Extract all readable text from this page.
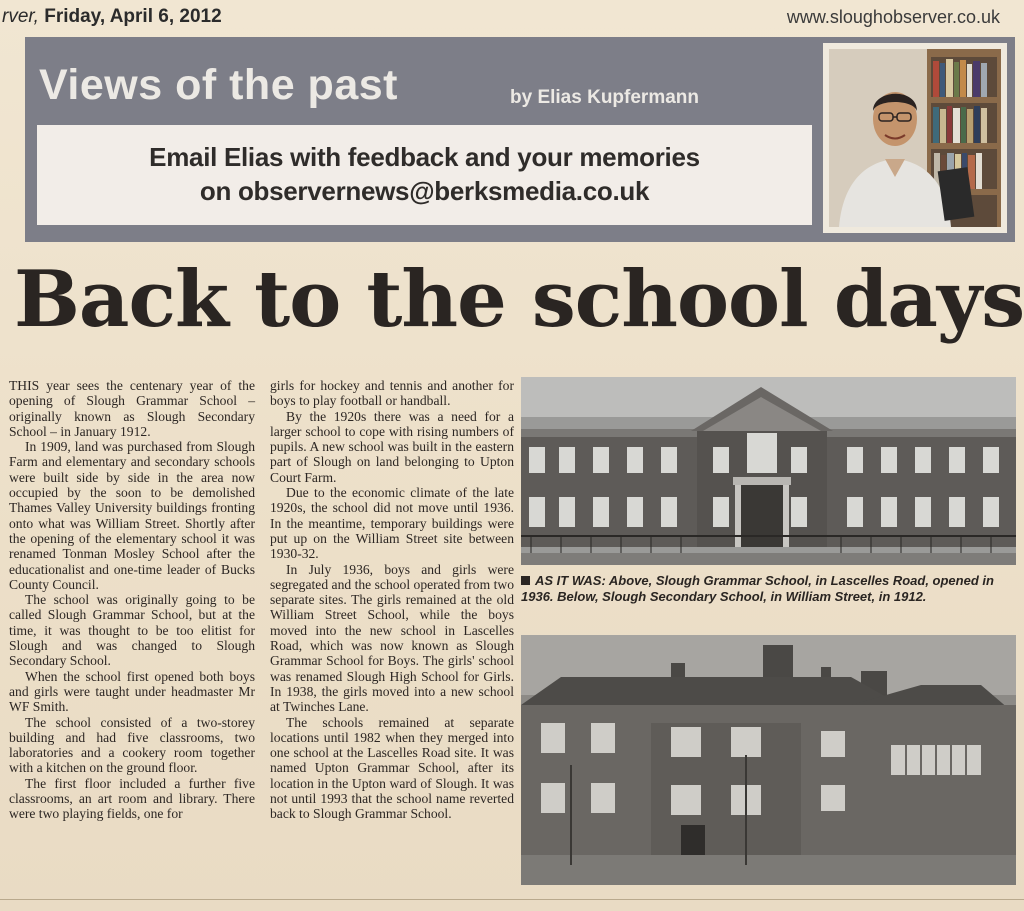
rver, Friday, April 6, 2012	www.sloughobserver.co.uk
Views of the past	by Elias Kupfermann
Email Elias with feedback and your memories
on observernews@berksmedia.co.uk
Back to the school days

THIS year sees the centenary year of the opening of Slough Grammar School – originally known as Slough Secondary School – in January 1912.

In 1909, land was purchased from Slough Farm and elementary and secondary schools were built side by side in the area now occupied by the soon to be demolished Thames Valley University buildings fronting onto what was William Street. Shortly after the opening of the elementary school it was renamed Tonman Mosley School after the educationalist and one-time leader of Bucks County Council.

The school was originally going to be called Slough Grammar School, but at the time, it was thought to be too elitist for Slough and was changed to Slough Secondary School.

When the school first opened both boys and girls were taught under headmaster Mr WF Smith.

The school consisted of a two-storey building and had five classrooms, two laboratories and a cookery room together with a kitchen on the ground floor.

The first floor included a further five classrooms, an art room and library. There were two playing fields, one for

girls for hockey and tennis and another for boys to play football or handball.

By the 1920s there was a need for a larger school to cope with rising numbers of pupils. A new school was built in the eastern part of Slough on land belonging to Upton Court Farm.

Due to the economic climate of the late 1920s, the school did not move until 1936. In the meantime, temporary buildings were put up on the William Street site between 1930-32.

In July 1936, boys and girls were segregated and the school operated from two separate sites. The girls remained at the old William Street School, while the boys moved into the new school in Lascelles Road, which was now known as Slough Grammar School for Boys. The girls' school was renamed Slough High School for Girls. In 1938, the girls moved into a new school at Twinches Lane.

The schools remained at separate locations until 1982 when they merged into one school at the Lascelles Road site. It was named Upton Grammar School, after its location in the Upton ward of Slough. It was not until 1993 that the school name reverted back to Slough Grammar School.

AS IT WAS: Above, Slough Grammar School, in Lascelles Road, opened in 1936. Below, Slough Secondary School, in William Street, in 1912.
